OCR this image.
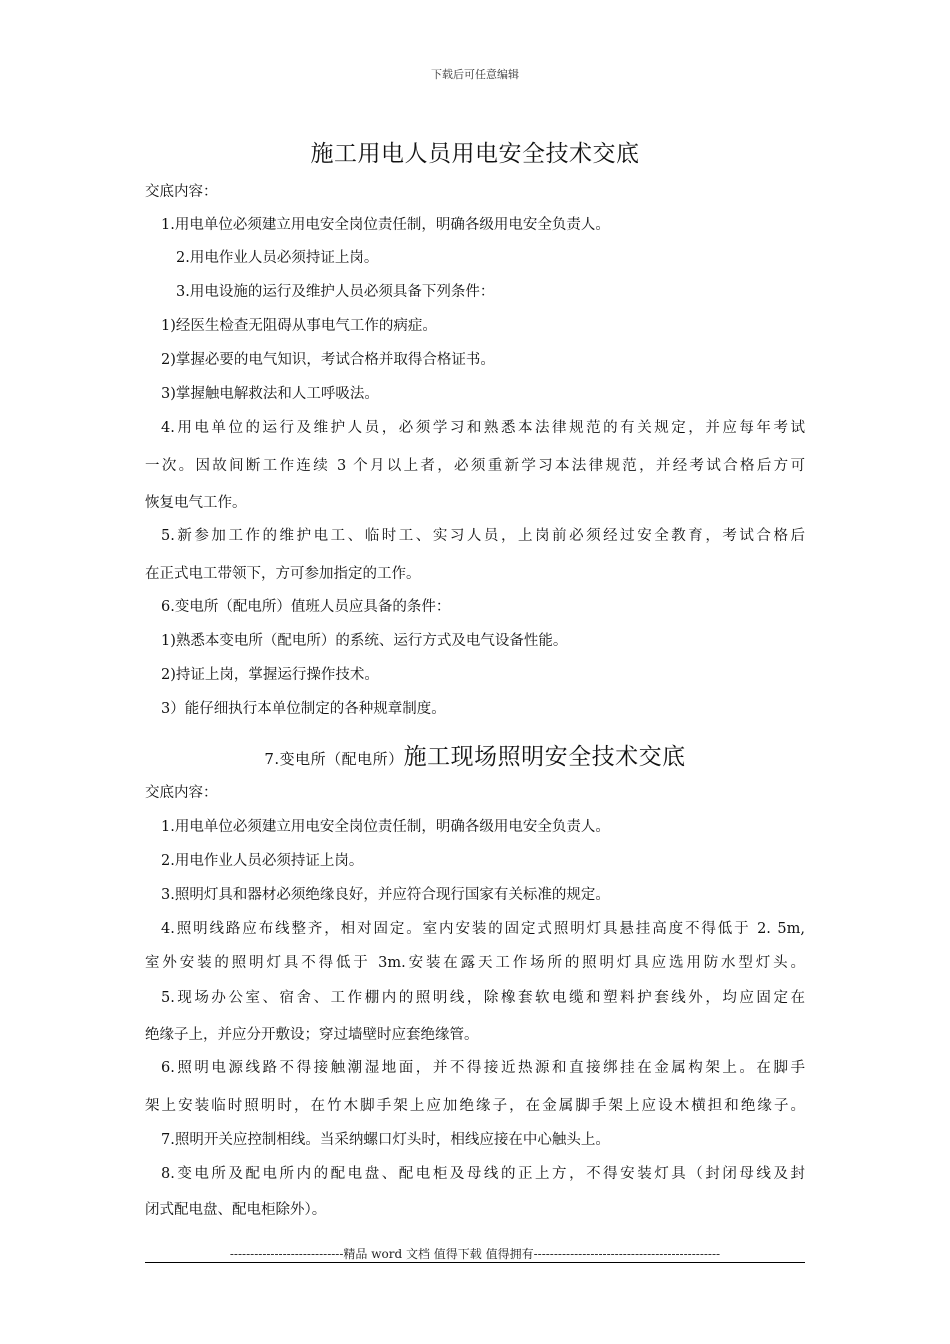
下载后可任意编辑
施工用电人员用电安全技术交底
交底内容：
1.用电单位必须建立用电安全岗位责任制，明确各级用电安全负责人。
2.用电作业人员必须持证上岗。
3.用电设施的运行及维护人员必须具备下列条件：
1)经医生检查无阻碍从事电气工作的病症。
2)掌握必要的电气知识，考试合格并取得合格证书。
3)掌握触电解救法和人工呼吸法。
4.用电单位的运行及维护人员，必须学习和熟悉本法律规范的有关规定，并应每年考试
一次。因故间断工作连续 3 个月以上者，必须重新学习本法律规范，并经考试合格后方可
恢复电气工作。
5.新参加工作的维护电工、临时工、实习人员，上岗前必须经过安全教育，考试合格后
在正式电工带领下，方可参加指定的工作。
6.变电所（配电所）值班人员应具备的条件：
1)熟悉本变电所（配电所）的系统、运行方式及电气设备性能。
2)持证上岗，掌握运行操作技术。
3）能仔细执行本单位制定的各种规章制度。
7.变电所（配电所）施工现场照明安全技术交底
交底内容：
1.用电单位必须建立用电安全岗位责任制，明确各级用电安全负责人。
2.用电作业人员必须持证上岗。
3.照明灯具和器材必须绝缘良好，并应符合现行国家有关标准的规定。
4.照明线路应布线整齐，相对固定。室内安装的固定式照明灯具悬挂高度不得低于 2. 5m,
室外安装的照明灯具不得低于 3m.安装在露天工作场所的照明灯具应选用防水型灯头。
5.现场办公室、宿舍、工作棚内的照明线，除橡套软电缆和塑料护套线外，均应固定在
绝缘子上，并应分开敷设；穿过墙壁时应套绝缘管。
6.照明电源线路不得接触潮湿地面，并不得接近热源和直接绑挂在金属构架上。在脚手
架上安装临时照明时，在竹木脚手架上应加绝缘子，在金属脚手架上应设木横担和绝缘子。
7.照明开关应控制相线。当采纳螺口灯头时，相线应接在中心触头上。
8.变电所及配电所内的配电盘、配电柜及母线的正上方，不得安装灯具（封闭母线及封
闭式配电盘、配电柜除外）。
----------------------------精品 word 文档 值得下载 值得拥有----------------------------------------------
